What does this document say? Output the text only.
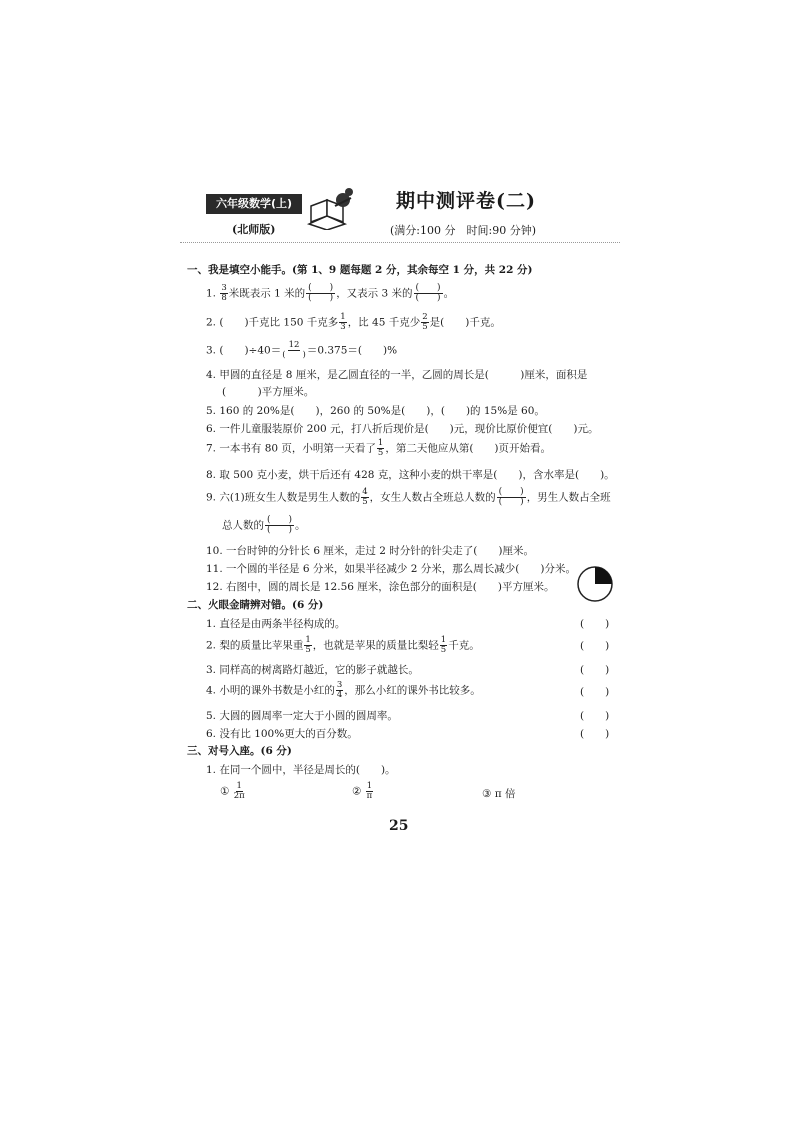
六年级数学(上)
(北师版)
期中测评卷(二)
(满分:100 分　时间:90 分钟)
一、我是填空小能手。(第 1、9 题每题 2 分，其余每空 1 分，共 22 分)
1. $\frac{3}{8}$ 米既表示 1 米的 (　　)
(　　) ，又表示 3 米的 (　　)
(　　) 。
2. (　　)千克比 150 千克多 $\frac{1}{3}$ ，比 45 千克少 $\frac{2}{5}$ 是(　　)千克。
3. (　　)$\div 40= \frac{12}{( )} =0.375=$(　　)%
4. 甲圆的直径是 8 厘米，是乙圆直径的一半，乙圆的周长是(　　　)厘米，面积是
(　　　)平方厘米。
5. 160 的 20%是(　　)，260 的 50%是(　　)，(　　)的 15%是 60。
6. 一件儿童服装原价 200 元，打八折后现价是(　　)元，现价比原价便宜(　　)元。
7. 一本书有 80 页，小明第一天看了 $\frac{1}{5}$ ，第二天他应从第(　　)页开始看。
8. 取 500 克小麦，烘干后还有 428 克，这种小麦的烘干率是(　　)，含水率是(　　)。
9. 六(1)班女生人数是男生人数的 $\frac{4}{5}$ ，女生人数占全班总人数的 (　　)
(　　) ，男生人数占全班
总人数的 (　　)
(　　) 。
10. 一台时钟的分针长 6 厘米，走过 2 时分针的针尖走了(　　)厘米。
11. 一个圆的半径是 6 分米，如果半径减少 2 分米，那么周长减少(　　)分米。
12. 右图中，圆的周长是 12.56 厘米，涂色部分的面积是(　　)平方厘米。
二、火眼金睛辨对错。(6 分)
1. 直径是由两条半径构成的。	(　　)
2. 梨的质量比苹果重 $\frac{1}{5}$ ，也就是苹果的质量比梨轻 $\frac{1}{5}$ 千克。	(　　)
3. 同样高的树离路灯越近，它的影子就越长。	(　　)
4. 小明的课外书数是小红的 $\frac{3}{4}$ ，那么小红的课外书比较多。	(　　)
5. 大圆的圆周率一定大于小圆的圆周率。	(　　)
6. 没有比 100%更大的百分数。	(　　)
三、对号入座。(6 分)
1. 在同一个圆中，半径是周长的(　　)。
① $\frac{1}{2\pi}$	② $\frac{1}{\pi}$	③ π 倍
25
